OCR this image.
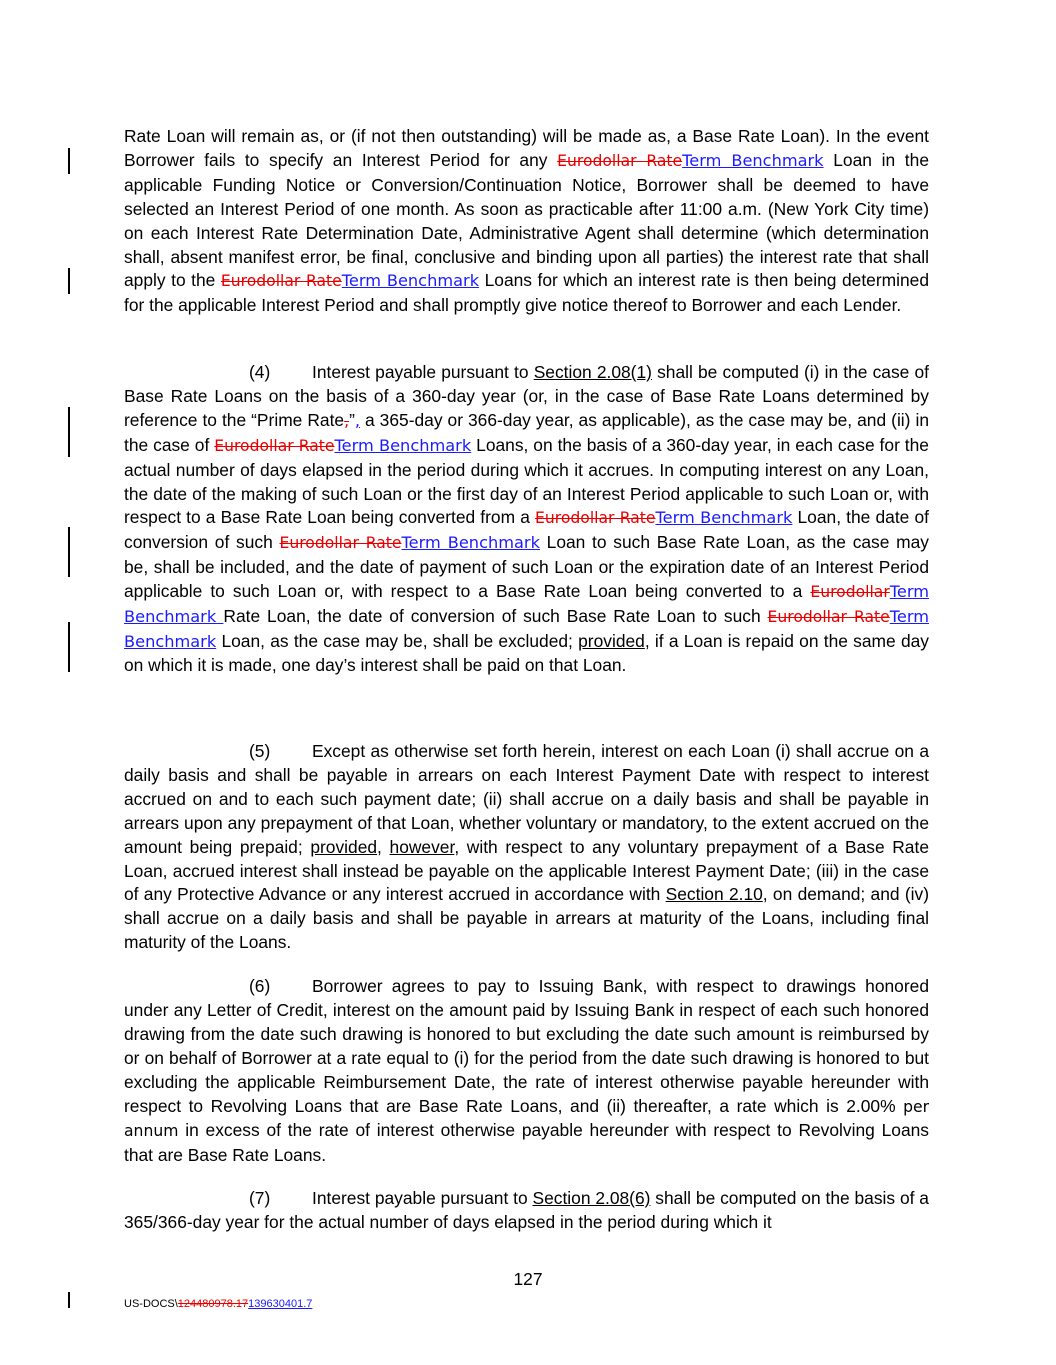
Rate Loan will remain as, or (if not then outstanding) will be made as, a Base Rate Loan). In the event Borrower fails to specify an Interest Period for any Eurodollar RateTerm Benchmark Loan in the applicable Funding Notice or Conversion/Continuation Notice, Borrower shall be deemed to have selected an Interest Period of one month. As soon as practicable after 11:00 a.m. (New York City time) on each Interest Rate Determination Date, Administrative Agent shall determine (which determination shall, absent manifest error, be final, conclusive and binding upon all parties) the interest rate that shall apply to the Eurodollar RateTerm Benchmark Loans for which an interest rate is then being determined for the applicable Interest Period and shall promptly give notice thereof to Borrower and each Lender.

(4) Interest payable pursuant to Section 2.08(1) shall be computed (i) in the case of Base Rate Loans on the basis of a 360-day year (or, in the case of Base Rate Loans determined by reference to the “Prime Rate,”, a 365-day or 366-day year, as applicable), as the case may be, and (ii) in the case of Eurodollar RateTerm Benchmark Loans, on the basis of a 360-day year, in each case for the actual number of days elapsed in the period during which it accrues. In computing interest on any Loan, the date of the making of such Loan or the first day of an Interest Period applicable to such Loan or, with respect to a Base Rate Loan being converted from a Eurodollar RateTerm Benchmark Loan, the date of conversion of such Eurodollar RateTerm Benchmark Loan to such Base Rate Loan, as the case may be, shall be included, and the date of payment of such Loan or the expiration date of an Interest Period applicable to such Loan or, with respect to a Base Rate Loan being converted to a EurodollarTerm Benchmark Rate Loan, the date of conversion of such Base Rate Loan to such Eurodollar RateTerm Benchmark Loan, as the case may be, shall be excluded; provided, if a Loan is repaid on the same day on which it is made, one day’s interest shall be paid on that Loan.

(5) Except as otherwise set forth herein, interest on each Loan (i) shall accrue on a daily basis and shall be payable in arrears on each Interest Payment Date with respect to interest accrued on and to each such payment date; (ii) shall accrue on a daily basis and shall be payable in arrears upon any prepayment of that Loan, whether voluntary or mandatory, to the extent accrued on the amount being prepaid; provided, however, with respect to any voluntary prepayment of a Base Rate Loan, accrued interest shall instead be payable on the applicable Interest Payment Date; (iii) in the case of any Protective Advance or any interest accrued in accordance with Section 2.10, on demand; and (iv) shall accrue on a daily basis and shall be payable in arrears at maturity of the Loans, including final maturity of the Loans.

(6) Borrower agrees to pay to Issuing Bank, with respect to drawings honored under any Letter of Credit, interest on the amount paid by Issuing Bank in respect of each such honored drawing from the date such drawing is honored to but excluding the date such amount is reimbursed by or on behalf of Borrower at a rate equal to (i) for the period from the date such drawing is honored to but excluding the applicable Reimbursement Date, the rate of interest otherwise payable hereunder with respect to Revolving Loans that are Base Rate Loans, and (ii) thereafter, a rate which is 2.00% per annum in excess of the rate of interest otherwise payable hereunder with respect to Revolving Loans that are Base Rate Loans.

(7) Interest payable pursuant to Section 2.08(6) shall be computed on the basis of a 365/366-day year for the actual number of days elapsed in the period during which it

127
US-DOCS\124480978.17139630401.7
